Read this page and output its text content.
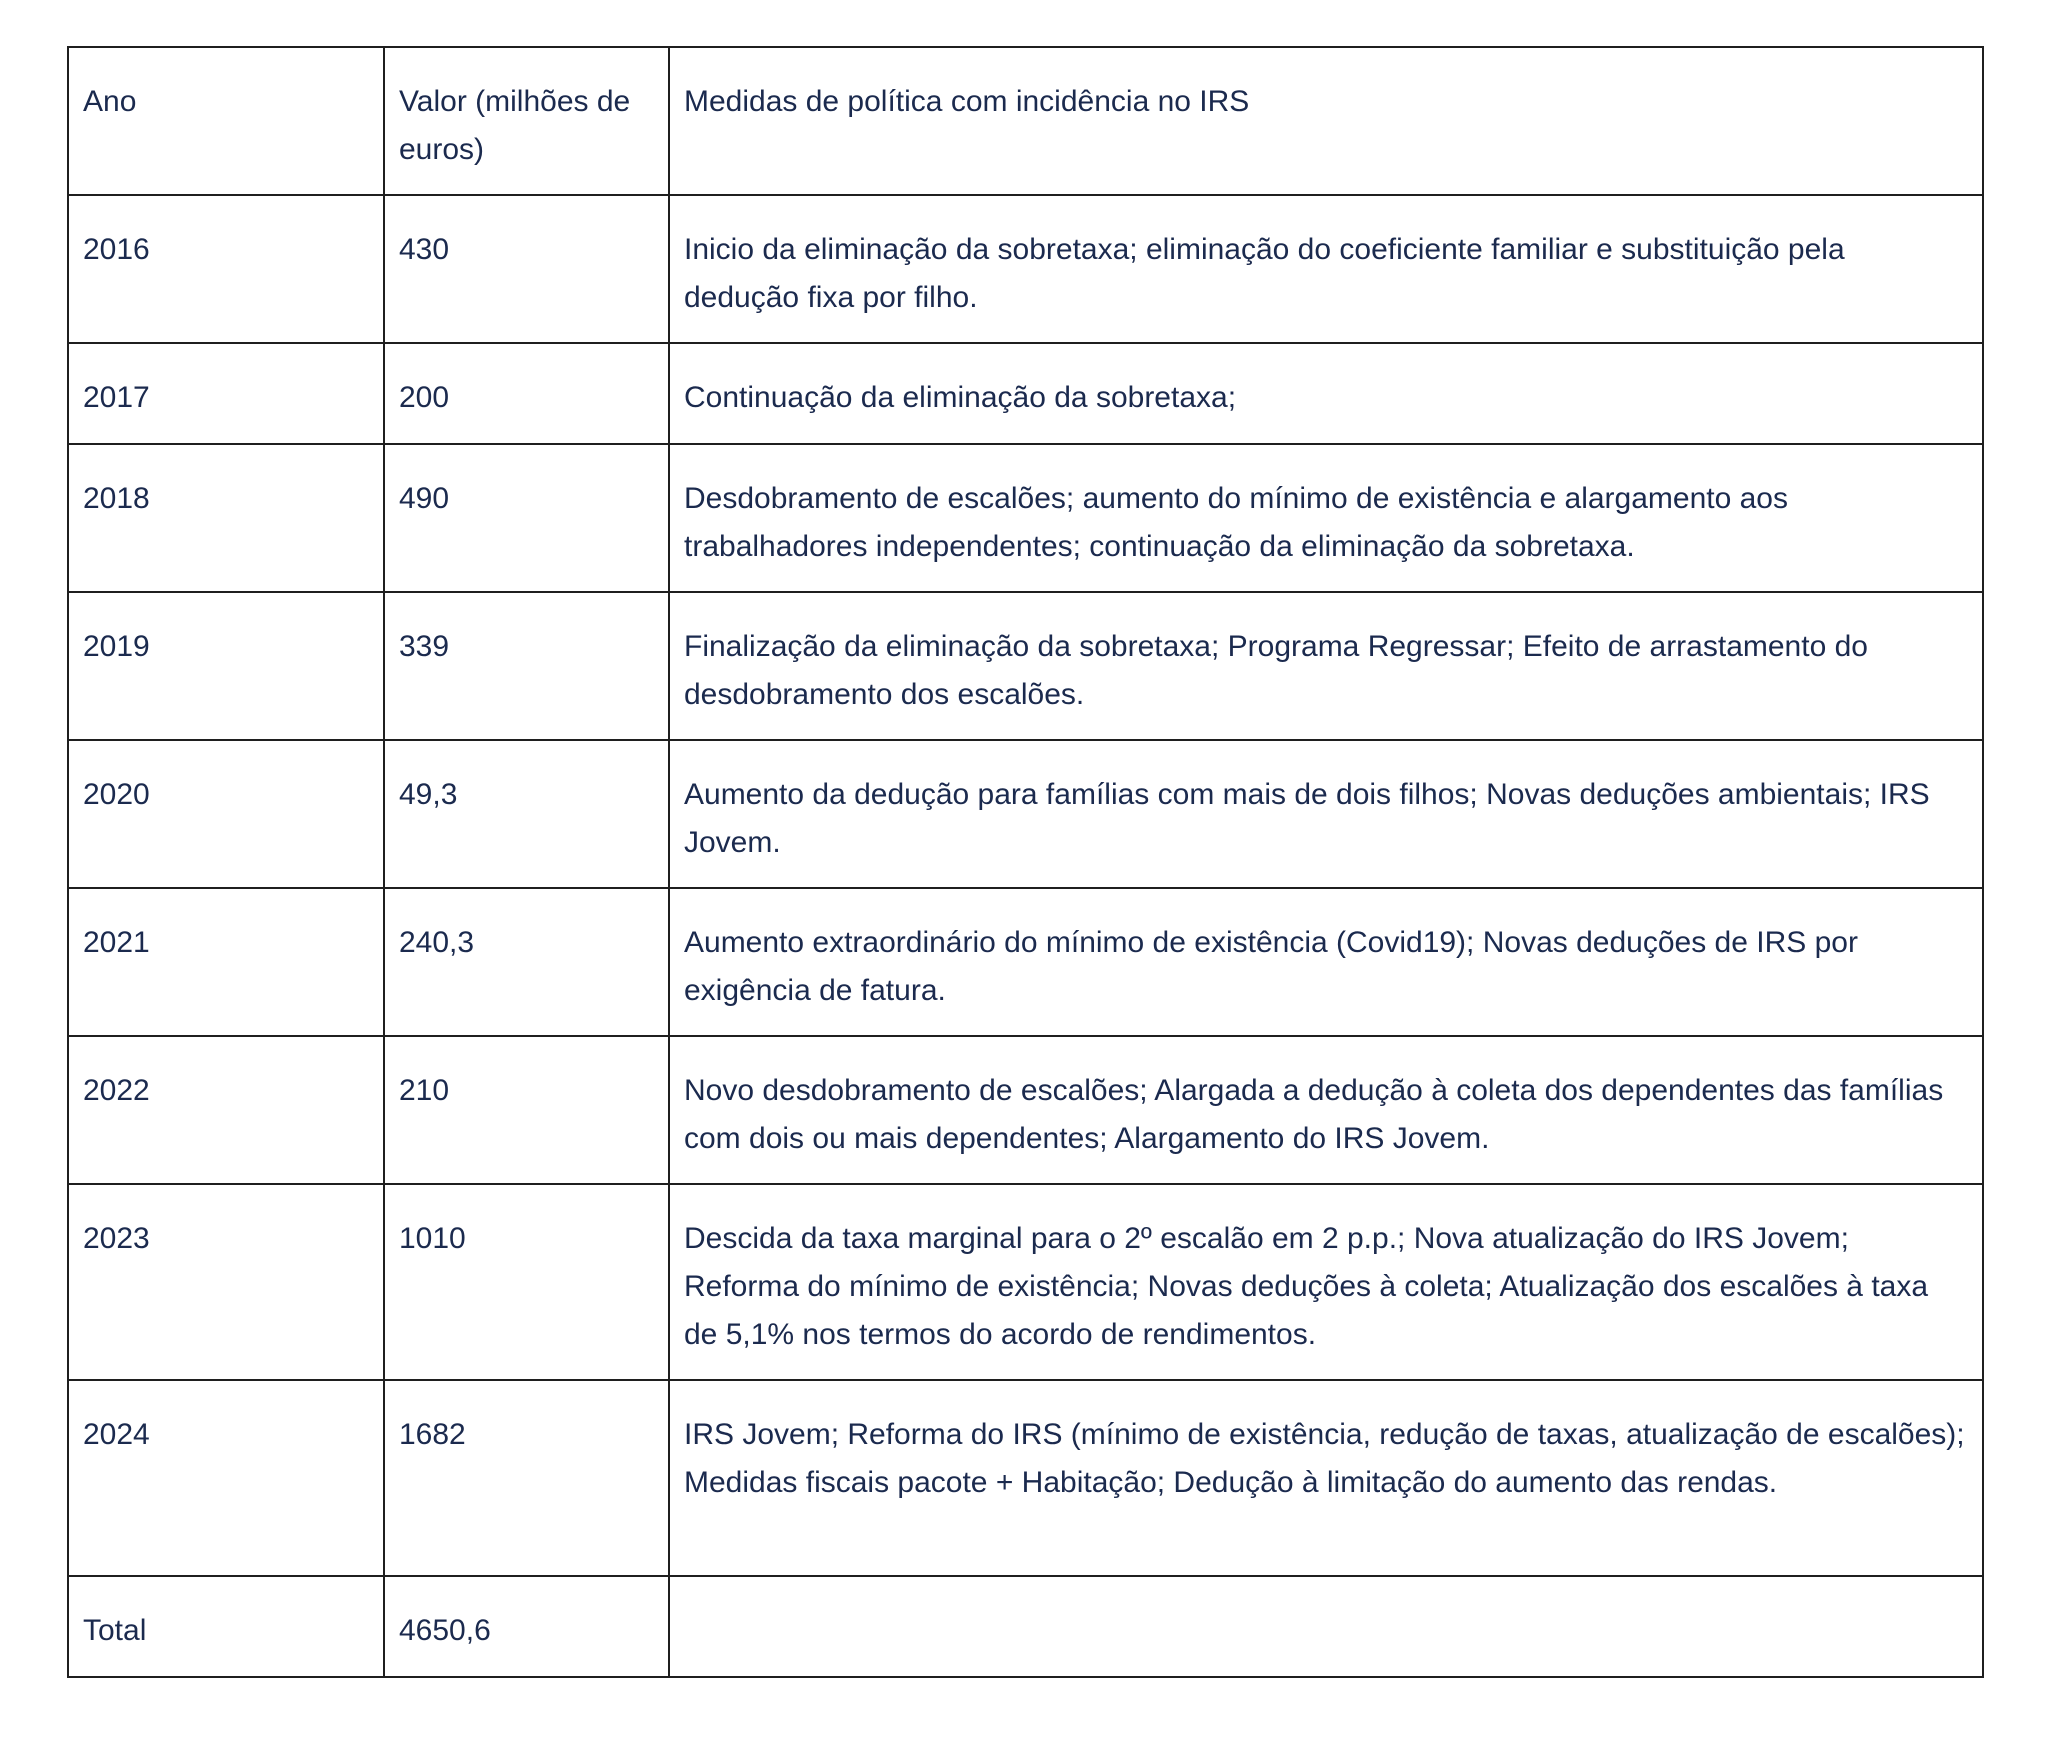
Ano	Valor (milhões de euros)	Medidas de política com incidência no IRS
2016	430	Inicio da eliminação da sobretaxa; eliminação do coeficiente familiar e substituição pela dedução fixa por filho.
2017	200	Continuação da eliminação da sobretaxa;
2018	490	Desdobramento de escalões; aumento do mínimo de existência e alargamento aos trabalhadores independentes; continuação da eliminação da sobretaxa.
2019	339	Finalização da eliminação da sobretaxa; Programa Regressar; Efeito de arrastamento do desdobramento dos escalões.
2020	49,3	Aumento da dedução para famílias com mais de dois filhos; Novas deduções ambientais; IRS Jovem.
2021	240,3	Aumento extraordinário do mínimo de existência (Covid19); Novas deduções de IRS por exigência de fatura.
2022	210	Novo desdobramento de escalões; Alargada a dedução à coleta dos dependentes das famílias com dois ou mais dependentes; Alargamento do IRS Jovem.
2023	1010	Descida da taxa marginal para o 2º escalão em 2 p.p.; Nova atualização do IRS Jovem; Reforma do mínimo de existência; Novas deduções à coleta; Atualização dos escalões à taxa de 5,1% nos termos do acordo de rendimentos.
2024	1682	IRS Jovem; Reforma do IRS (mínimo de existência, redução de taxas, atualização de escalões); Medidas fiscais pacote + Habitação; Dedução à limitação do aumento das rendas.
Total	4650,6	
